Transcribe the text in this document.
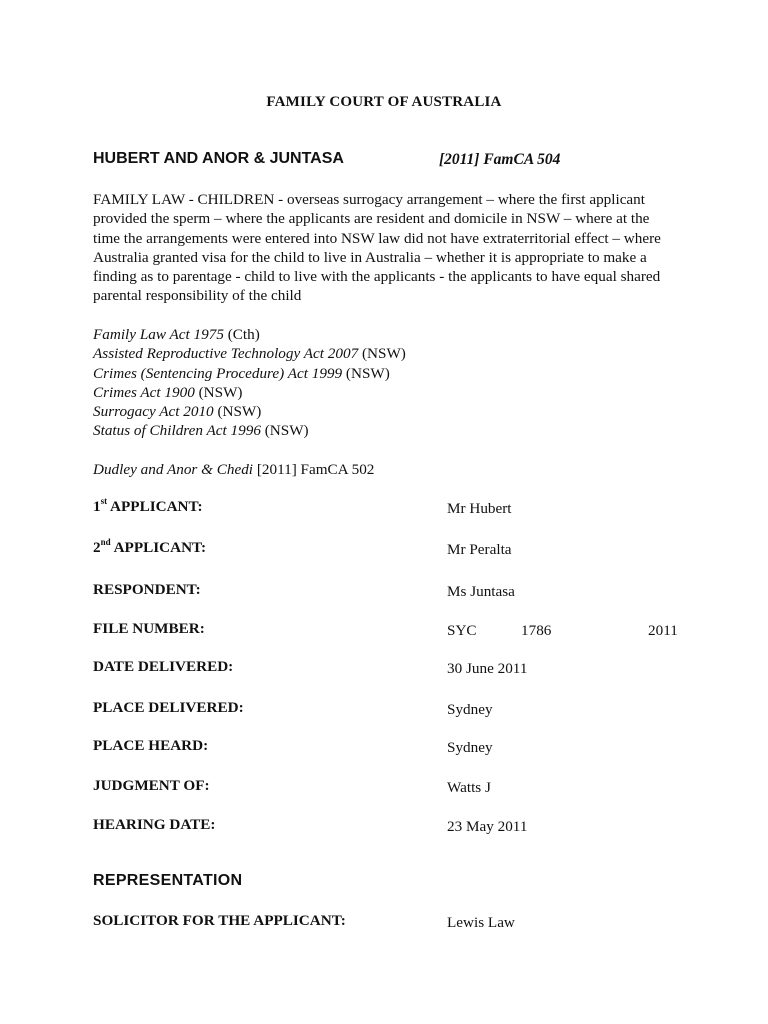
FAMILY COURT OF AUSTRALIA
HUBERT AND ANOR & JUNTASA	[2011] FamCA 504
FAMILY LAW - CHILDREN - overseas surrogacy arrangement – where the first applicant provided the sperm – where the applicants are resident and domicile in NSW – where at the time the arrangements were entered into NSW law did not have extraterritorial effect – where Australia granted visa for the child to live in Australia – whether it is appropriate to make a finding as to parentage - child to live with the applicants - the applicants to have equal shared parental responsibility of the child
Family Law Act 1975 (Cth)
Assisted Reproductive Technology Act 2007 (NSW)
Crimes (Sentencing Procedure) Act 1999 (NSW)
Crimes Act 1900 (NSW)
Surrogacy Act 2010 (NSW)
Status of Children Act 1996 (NSW)
Dudley and Anor & Chedi [2011] FamCA 502
1st APPLICANT:	Mr Hubert
2nd APPLICANT:	Mr Peralta
RESPONDENT:	Ms Juntasa
FILE NUMBER:	SYC	1786	2011
DATE DELIVERED:	30 June 2011
PLACE DELIVERED:	Sydney
PLACE HEARD:	Sydney
JUDGMENT OF:	Watts J
HEARING DATE:	23 May 2011
REPRESENTATION
SOLICITOR FOR THE APPLICANT:	Lewis Law
